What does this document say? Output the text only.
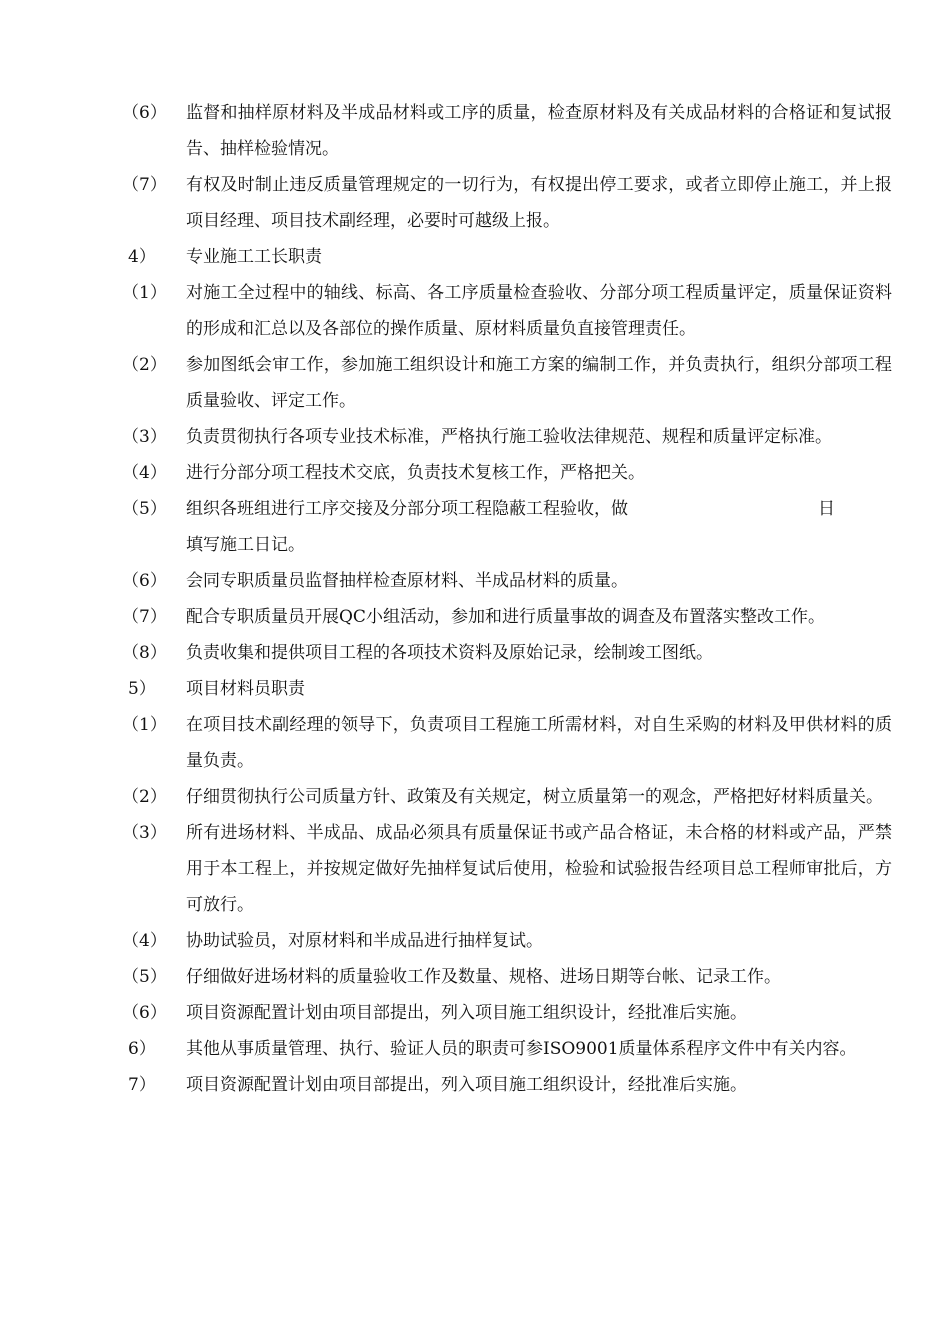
（6）	监督和抽样原材料及半成品材料或工序的质量，检查原材料及有关成品材料的合格证和复试报告、抽样检验情况。
（7）	有权及时制止违反质量管理规定的一切行为，有权提出停工要求，或者立即停止施工，并上报项目经理、项目技术副经理，必要时可越级上报。
4）	专业施工工长职责
（1）	对施工全过程中的轴线、标高、各工序质量检查验收、分部分项工程质量评定，质量保证资料的形成和汇总以及各部位的操作质量、原材料质量负直接管理责任。
（2）	参加图纸会审工作，参加施工组织设计和施工方案的编制工作，并负责执行，组织分部项工程质量验收、评定工作。
（3）	负责贯彻执行各项专业技术标准，严格执行施工验收法律规范、规程和质量评定标准。
（4）	进行分部分项工程技术交底，负责技术复核工作，严格把关。
（5）	组织各班组进行工序交接及分部分项工程隐蔽工程验收，做	日
填写施工日记。
（6）	会同专职质量员监督抽样检查原材料、半成品材料的质量。
（7）	配合专职质量员开展QC小组活动，参加和进行质量事故的调查及布置落实整改工作。
（8）	负责收集和提供项目工程的各项技术资料及原始记录，绘制竣工图纸。
5）	项目材料员职责
（1）	在项目技术副经理的领导下，负责项目工程施工所需材料，对自生采购的材料及甲供材料的质量负责。
（2）	仔细贯彻执行公司质量方针、政策及有关规定，树立质量第一的观念，严格把好材料质量关。
（3）	所有进场材料、半成品、成品必须具有质量保证书或产品合格证，未合格的材料或产品，严禁用于本工程上，并按规定做好先抽样复试后使用，检验和试验报告经项目总工程师审批后，方可放行。
（4）	协助试验员，对原材料和半成品进行抽样复试。
（5）	仔细做好进场材料的质量验收工作及数量、规格、进场日期等台帐、记录工作。
（6）	项目资源配置计划由项目部提出，列入项目施工组织设计，经批准后实施。
6）	其他从事质量管理、执行、验证人员的职责可参ISO9001质量体系程序文件中有关内容。
7）	项目资源配置计划由项目部提出，列入项目施工组织设计，经批准后实施。
